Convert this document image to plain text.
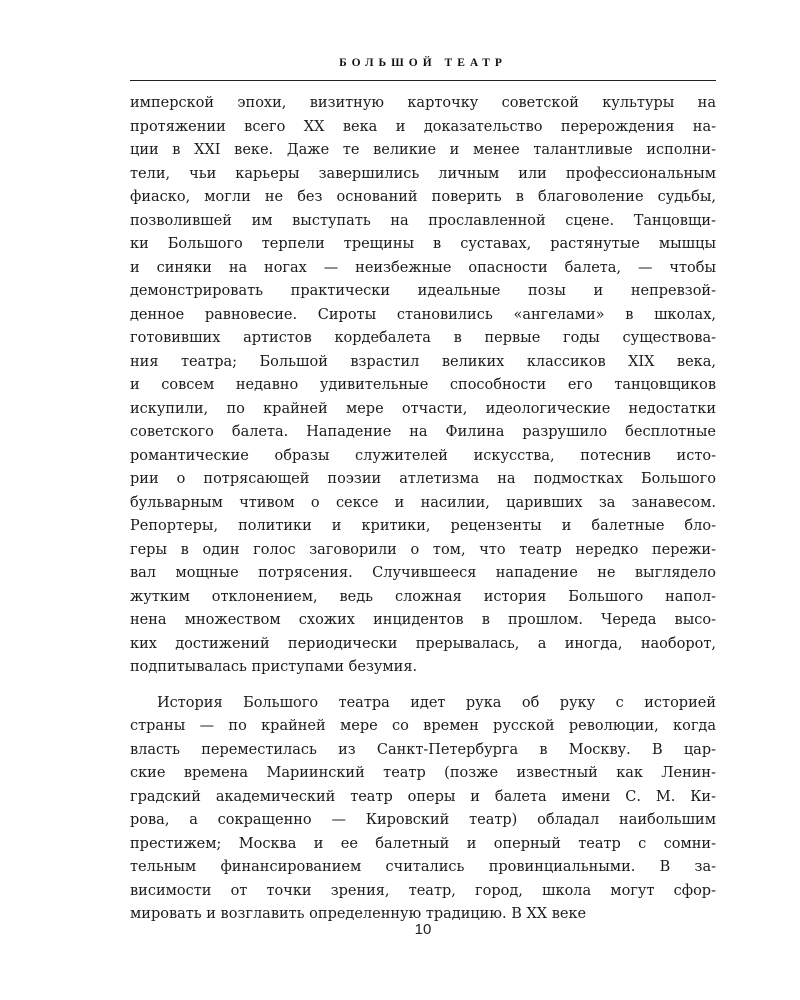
БОЛЬШОЙ ТЕАТР
имперской эпохи, визитную карточку советской культуры на
протяжении всего XX века и доказательство перерождения на-
ции в XXI веке. Даже те великие и менее талантливые исполни-
тели, чьи карьеры завершились личным или профессиональным
фиаско, могли не без оснований поверить в благоволение судьбы,
позволившей им выступать на прославленной сцене. Танцовщи-
ки Большого терпели трещины в суставах, растянутые мышцы
и синяки на ногах — неизбежные опасности балета, — чтобы
демонстрировать практически идеальные позы и непревзой-
денное равновесие. Сироты становились «ангелами» в школах,
готовивших артистов кордебалета в первые годы существова-
ния театра; Большой взрастил великих классиков XIX века,
и совсем недавно удивительные способности его танцовщиков
искупили, по крайней мере отчасти, идеологические недостатки
советского балета. Нападение на Филина разрушило бесплотные
романтические образы служителей искусства, потеснив исто-
рии о потрясающей поэзии атлетизма на подмостках Большого
бульварным чтивом о сексе и насилии, царивших за занавесом.
Репортеры, политики и критики, рецензенты и балетные бло-
геры в один голос заговорили о том, что театр нередко пережи-
вал мощные потрясения. Случившееся нападение не выглядело
жутким отклонением, ведь сложная история Большого напол-
нена множеством схожих инцидентов в прошлом. Череда высо-
ких достижений периодически прерывалась, а иногда, наоборот,
подпитывалась приступами безумия.
История Большого театра идет рука об руку с историей
страны — по крайней мере со времен русской революции, когда
власть переместилась из Санкт-Петербурга в Москву. В цар-
ские времена Мариинский театр (позже известный как Ленин-
градский академический театр оперы и балета имени С. М. Ки-
рова, а сокращенно — Кировский театр) обладал наибольшим
престижем; Москва и ее балетный и оперный театр с сомни-
тельным финансированием считались провинциальными. В за-
висимости от точки зрения, театр, город, школа могут сфор-
мировать и возглавить определенную традицию. В XX веке
10
